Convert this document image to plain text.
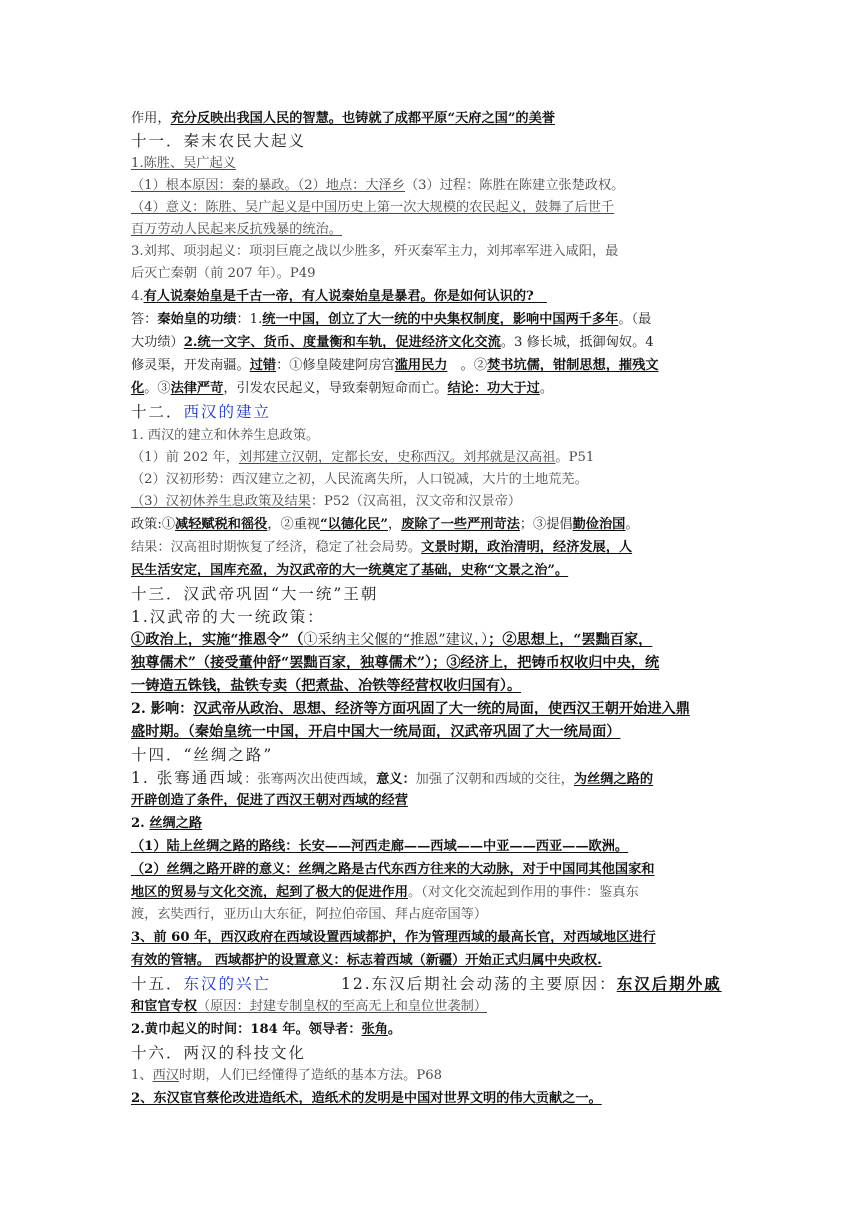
作用，充分反映出我国人民的智慧。也铸就了成都平原“天府之国”的美誉
十一．秦末农民大起义
1.陈胜、吴广起义
（1）根本原因：秦的暴政。（2）地点：大泽乡（3）过程：陈胜在陈建立张楚政权。
（4）意义：陈胜、吴广起义是中国历史上第一次大规模的农民起义，鼓舞了后世千
百万劳动人民起来反抗残暴的统治。
3.刘邦、项羽起义：项羽巨鹿之战以少胜多，歼灭秦军主力，刘邦率军进入咸阳，最
后灭亡秦朝（前 207 年）。P49
4.有人说秦始皇是千古一帝，有人说秦始皇是暴君。你是如何认识的?　
答：秦始皇的功绩：1.统一中国，创立了大一统的中央集权制度，影响中国两千多年。（最
大功绩）2.统一文字、货币、度量衡和车轨，促进经济文化交流。3 修长城，抵御匈奴。4
修灵渠，开发南疆。过错：①修皇陵建阿房宫滥用民力　。②焚书坑儒，钳制思想，摧残文
化。③法律严苛，引发农民起义，导致秦朝短命而亡。结论：功大于过。
十二．西汉的建立
1. 西汉的建立和休养生息政策。
（1）前 202 年，刘邦建立汉朝，定都长安，史称西汉。刘邦就是汉高祖。P51
（2）汉初形势：西汉建立之初，人民流离失所，人口锐减，大片的土地荒芜。
（3）汉初休养生息政策及结果：P52（汉高祖，汉文帝和汉景帝）
政策:①减轻赋税和徭役，②重视“以德化民”，废除了一些严刑苛法；③提倡勤俭治国。
结果：汉高祖时期恢复了经济，稳定了社会局势。文景时期，政治清明，经济发展，人
民生活安定，国库充盈，为汉武帝的大一统奠定了基础，史称“文景之治”。
十三．汉武帝巩固“大一统”王朝
1.汉武帝的大一统政策：
①政治上，实施“推恩令”（①采纳主父偃的“推恩”建议，）；②思想上，“罢黜百家，
独尊儒术”（接受董仲舒“罢黜百家，独尊儒术”）；③经济上，把铸币权收归中央，统
一铸造五铢钱，盐铁专卖（把煮盐、冶铁等经营权收归国有）。
2. 影响：汉武帝从政治、思想、经济等方面巩固了大一统的局面，使西汉王朝开始进入鼎
盛时期。（秦始皇统一中国，开启中国大一统局面，汉武帝巩固了大一统局面）
十四．“丝绸之路”
1. 张骞通西域：张骞两次出使西域，意义：加强了汉朝和西域的交往，为丝绸之路的
开辟创造了条件，促进了西汉王朝对西域的经营
2. 丝绸之路
（1）陆上丝绸之路的路线：长安——河西走廊——西域——中亚——西亚——欧洲。
（2）丝绸之路开辟的意义：丝绸之路是古代东西方往来的大动脉，对于中国同其他国家和
地区的贸易与文化交流，起到了极大的促进作用。（对文化交流起到作用的事件：鉴真东
渡，玄奘西行，亚历山大东征，阿拉伯帝国、拜占庭帝国等）
3、前 60 年，西汉政府在西域设置西域都护，作为管理西域的最高长官，对西域地区进行
有效的管辖。 西域都护的设置意义：标志着西域（新疆）开始正式归属中央政权.
十五．东汉的兴亡　　　　12.东汉后期社会动荡的主要原因：东汉后期外戚
和宦官专权（原因：封建专制皇权的至高无上和皇位世袭制）
2.黄巾起义的时间：184 年。领导者：张角。
十六．两汉的科技文化
1、西汉时期，人们已经懂得了造纸的基本方法。P68
2、东汉宦官蔡伦改进造纸术，造纸术的发明是中国对世界文明的伟大贡献之一。
